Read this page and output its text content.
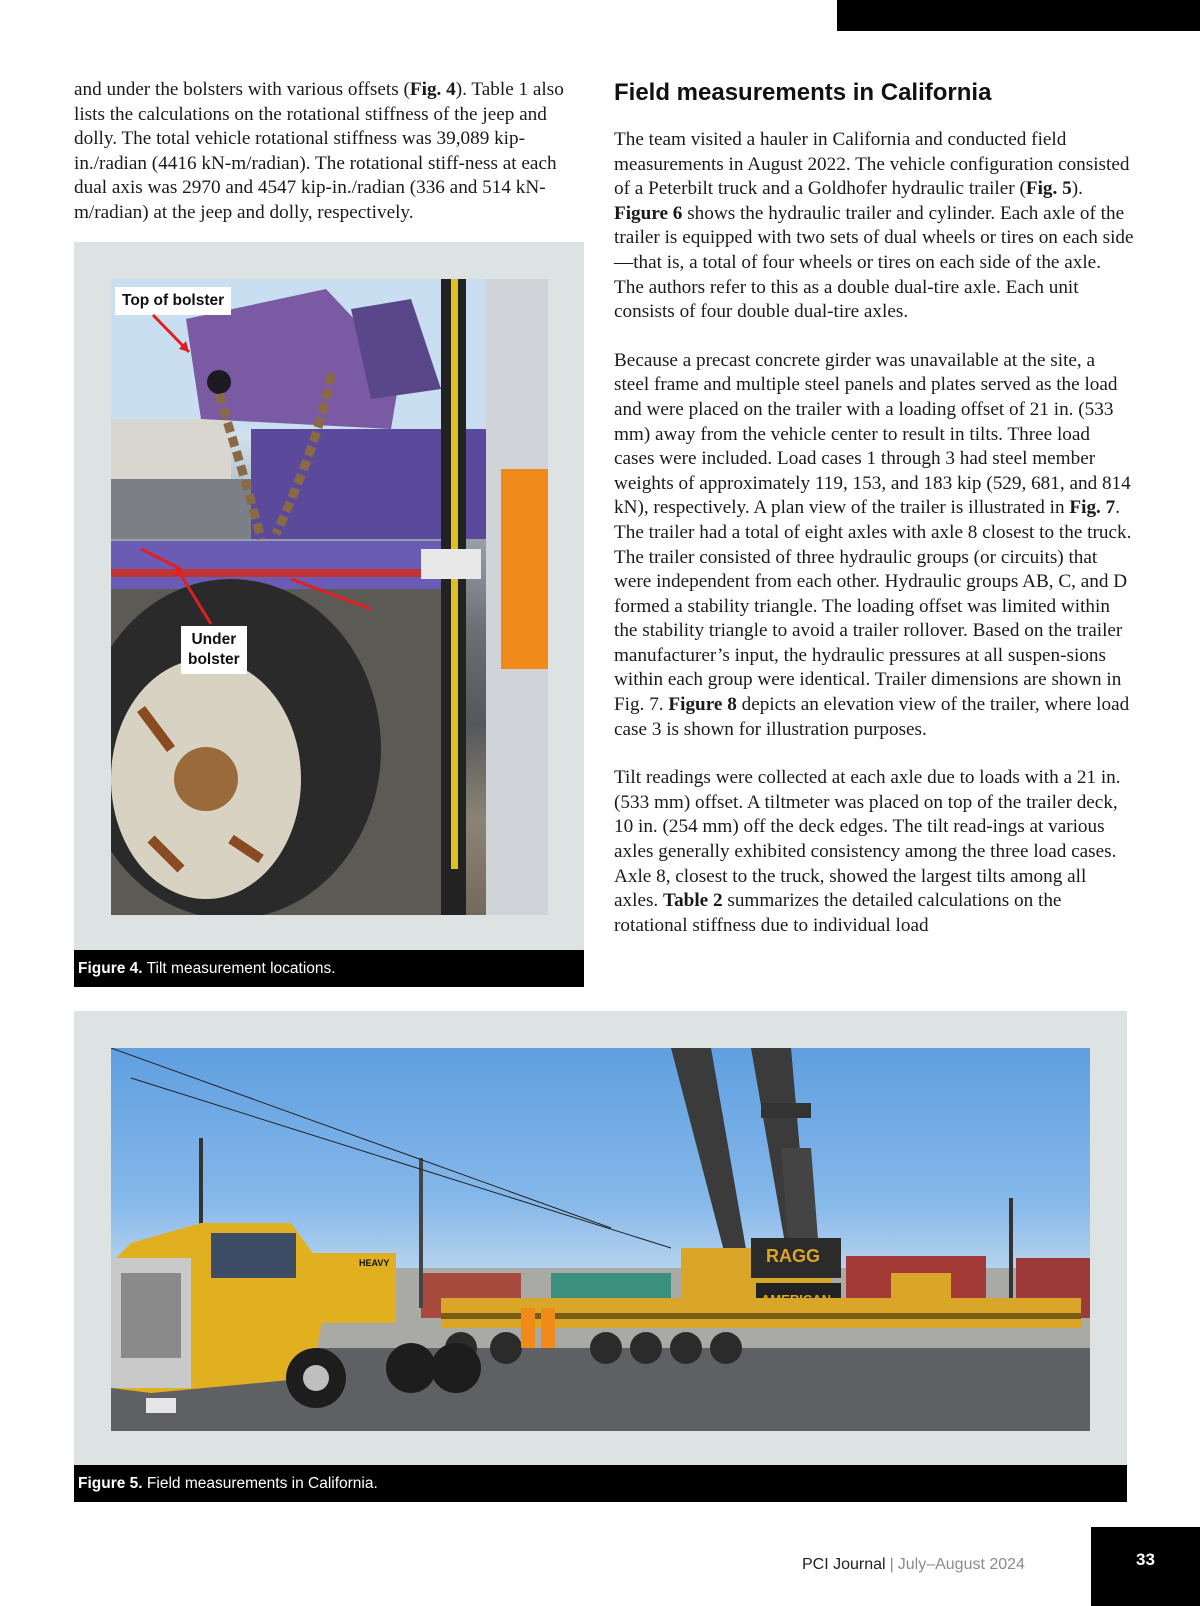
and under the bolsters with various offsets (Fig. 4). Table 1 also lists the calculations on the rotational stiffness of the jeep and dolly. The total vehicle rotational stiffness was 39,089 kip-in./radian (4416 kN-m/radian). The rotational stiff-ness at each dual axis was 2970 and 4547 kip-in./radian (336 and 514 kN-m/radian) at the jeep and dolly, respectively.

Field measurements in California

The team visited a hauler in California and conducted field measurements in August 2022. The vehicle configuration consisted of a Peterbilt truck and a Goldhofer hydraulic trailer (Fig. 5). Figure 6 shows the hydraulic trailer and cylinder. Each axle of the trailer is equipped with two sets of dual wheels or tires on each side—that is, a total of four wheels or tires on each side of the axle. The authors refer to this as a double dual-tire axle. Each unit consists of four double dual-tire axles.

Because a precast concrete girder was unavailable at the site, a steel frame and multiple steel panels and plates served as the load and were placed on the trailer with a loading offset of 21 in. (533 mm) away from the vehicle center to result in tilts. Three load cases were included. Load cases 1 through 3 had steel member weights of approximately 119, 153, and 183 kip (529, 681, and 814 kN), respectively. A plan view of the trailer is illustrated in Fig. 7. The trailer had a total of eight axles with axle 8 closest to the truck. The trailer consisted of three hydraulic groups (or circuits) that were independent from each other. Hydraulic groups AB, C, and D formed a stability triangle. The loading offset was limited within the stability triangle to avoid a trailer rollover. Based on the trailer manufacturer’s input, the hydraulic pressures at all suspen-sions within each group were identical. Trailer dimensions are shown in Fig. 7. Figure 8 depicts an elevation view of the trailer, where load case 3 is shown for illustration purposes.

Tilt readings were collected at each axle due to loads with a 21 in. (533 mm) offset. A tiltmeter was placed on top of the trailer deck, 10 in. (254 mm) off the deck edges. The tilt read-ings at various axles generally exhibited consistency among the three load cases. Axle 8, closest to the truck, showed the largest tilts among all axles. Table 2 summarizes the detailed calculations on the rotational stiffness due to individual load

Top of bolster
Under
bolster
Figure 4. Tilt measurement locations.
RAGG
HEAVY
Figure 5. Field measurements in California.
PCI Journal | July–August 2024	33
